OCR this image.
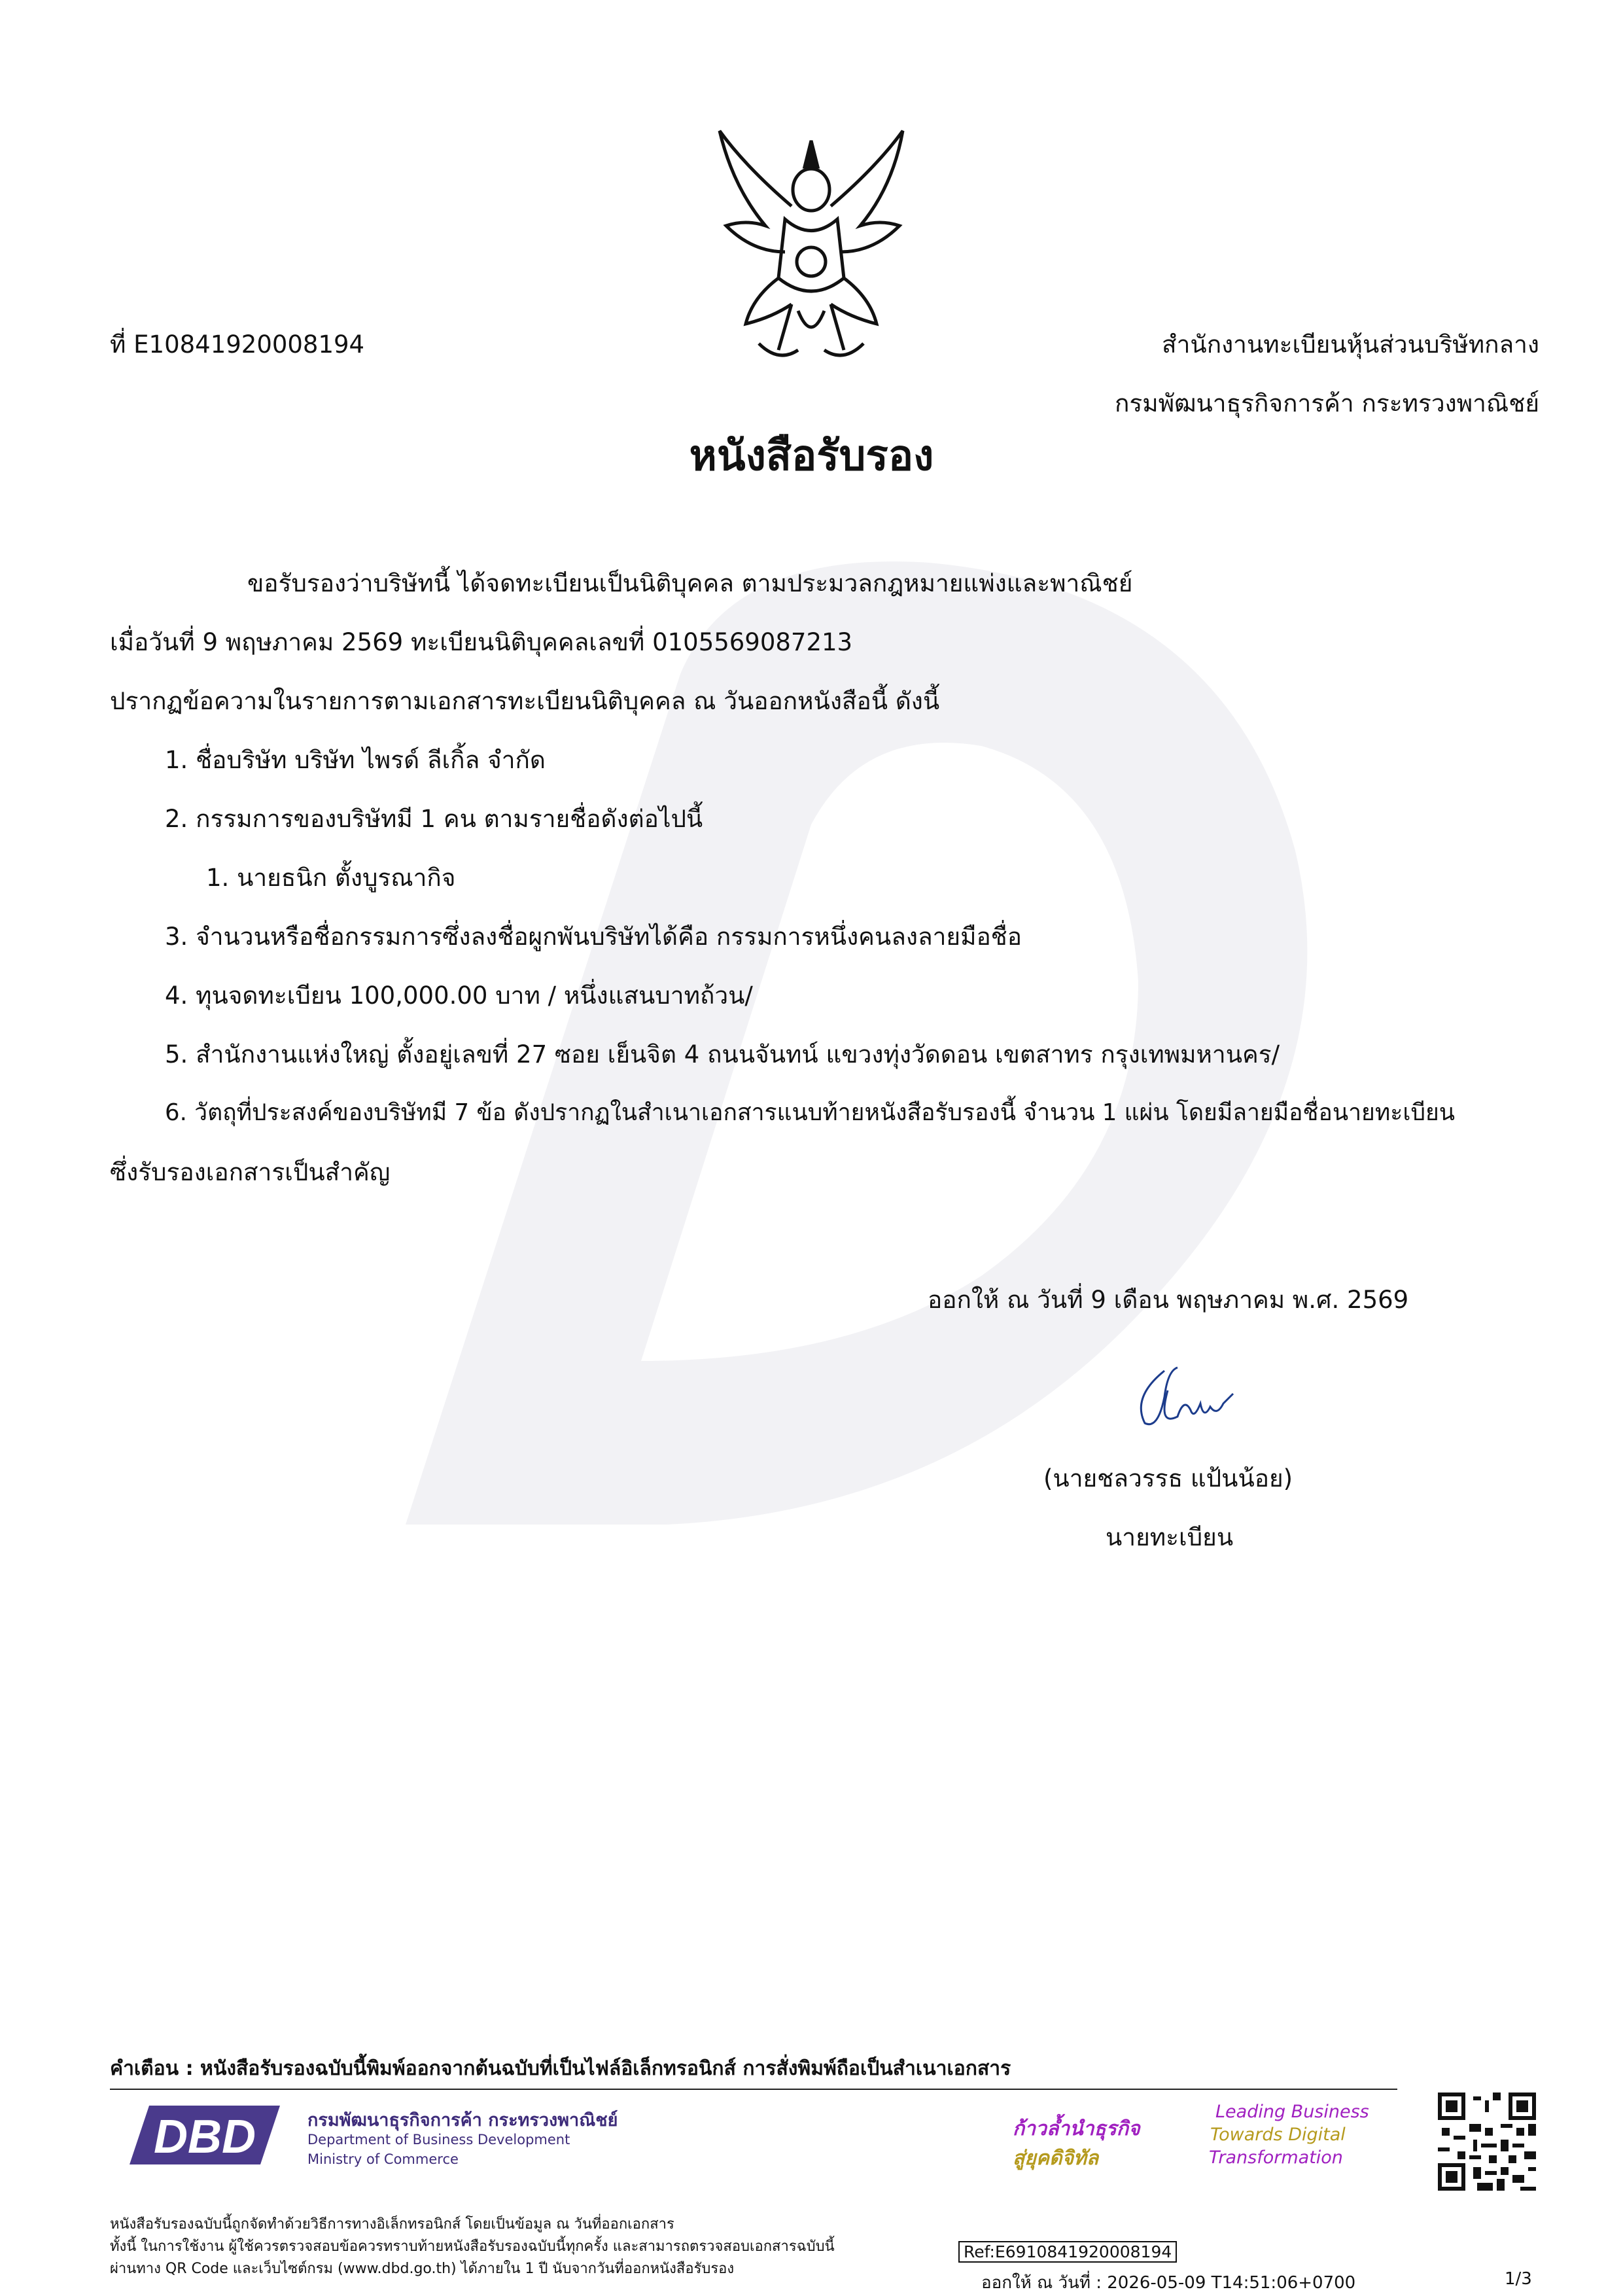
ที่ E10841920008194	สำนักงานทะเบียนหุ้นส่วนบริษัทกลาง
กรมพัฒนาธุรกิจการค้า กระทรวงพาณิชย์
หนังสือรับรอง
ขอรับรองว่าบริษัทนี้ ได้จดทะเบียนเป็นนิติบุคคล ตามประมวลกฎหมายแพ่งและพาณิชย์
เมื่อวันที่ 9 พฤษภาคม 2569 ทะเบียนนิติบุคคลเลขที่ 0105569087213
ปรากฏข้อความในรายการตามเอกสารทะเบียนนิติบุคคล ณ วันออกหนังสือนี้ ดังนี้
1. ชื่อบริษัท บริษัท ไพรด์ ลีเกิ้ล จำกัด
2. กรรมการของบริษัทมี 1 คน ตามรายชื่อดังต่อไปนี้
1. นายธนิก ตั้งบูรณากิจ
3. จำนวนหรือชื่อกรรมการซึ่งลงชื่อผูกพันบริษัทได้คือ กรรมการหนึ่งคนลงลายมือชื่อ
4. ทุนจดทะเบียน 100,000.00 บาท / หนึ่งแสนบาทถ้วน/
5. สำนักงานแห่งใหญ่ ตั้งอยู่เลขที่ 27 ซอย เย็นจิต 4 ถนนจันทน์ แขวงทุ่งวัดดอน เขตสาทร กรุงเทพมหานคร/
6. วัตถุที่ประสงค์ของบริษัทมี 7 ข้อ ดังปรากฏในสำเนาเอกสารแนบท้ายหนังสือรับรองนี้ จำนวน 1 แผ่น โดยมีลายมือชื่อนายทะเบียน
ซึ่งรับรองเอกสารเป็นสำคัญ
ออกให้ ณ วันที่ 9 เดือน พฤษภาคม พ.ศ. 2569
(นายชลวรรธ แป้นน้อย)
นายทะเบียน
คำเตือน : หนังสือรับรองฉบับนี้พิมพ์ออกจากต้นฉบับที่เป็นไฟล์อิเล็กทรอนิกส์ การสั่งพิมพ์ถือเป็นสำเนาเอกสาร
DBD	กรมพัฒนาธุรกิจการค้า กระทรวงพาณิชย์
Department of Business Development
Ministry of Commerce
ก้าวล้ำนำธุรกิจ
สู่ยุคดิจิทัล
Leading Business
Towards Digital
Transformation
หนังสือรับรองฉบับนี้ถูกจัดทำด้วยวิธีการทางอิเล็กทรอนิกส์ โดยเป็นข้อมูล ณ วันที่ออกเอกสาร
ทั้งนี้ ในการใช้งาน ผู้ใช้ควรตรวจสอบข้อควรทราบท้ายหนังสือรับรองฉบับนี้ทุกครั้ง และสามารถตรวจสอบเอกสารฉบับนี้
ผ่านทาง QR Code และเว็บไซต์กรม (www.dbd.go.th) ได้ภายใน 1 ปี นับจากวันที่ออกหนังสือรับรอง
Ref:E6910841920008194
ออกให้ ณ วันที่ : 2026-05-09 T14:51:06+0700	1/3
